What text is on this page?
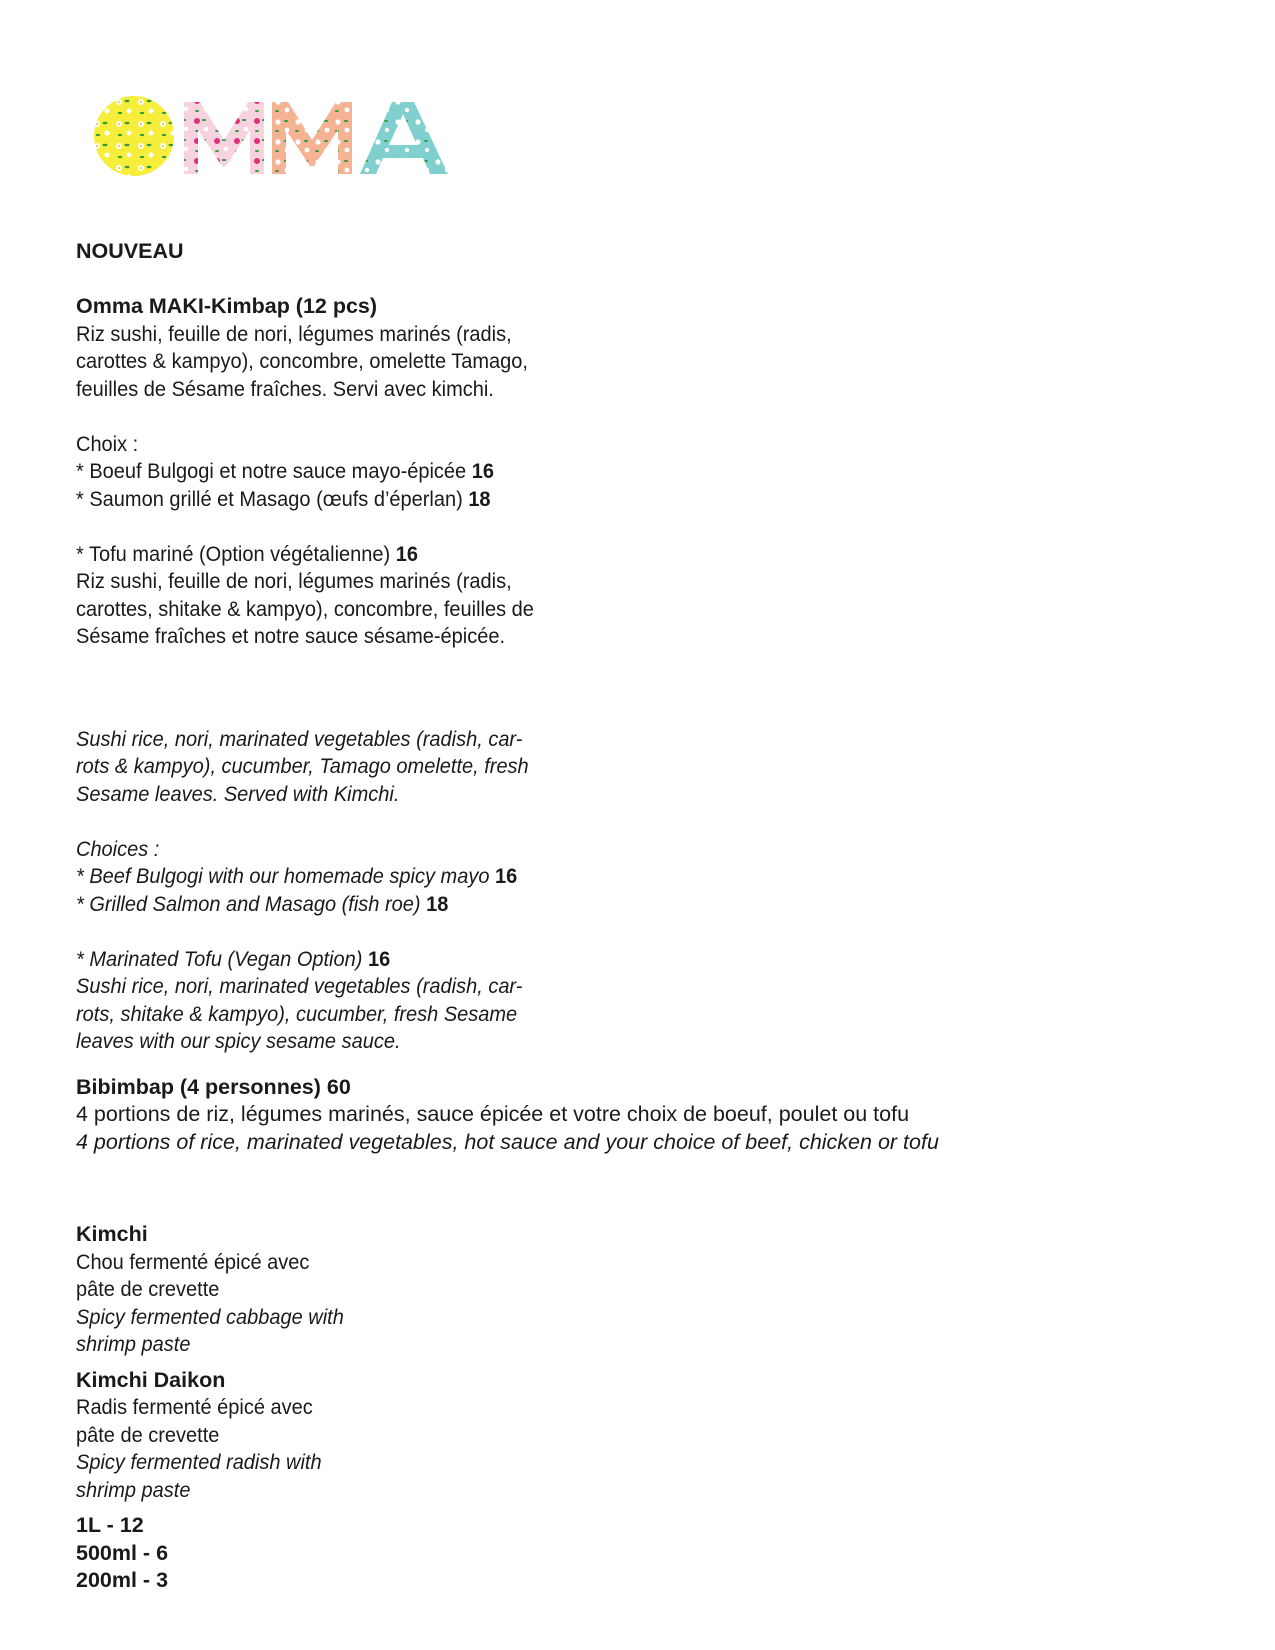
NOUVEAU

Omma MAKI-Kimbap (12 pcs)

Riz sushi, feuille de nori, légumes marinés (radis,
carottes & kampyo), concombre, omelette Tamago,
feuilles de Sésame fraîches. Servi avec kimchi.
Choix :
* Boeuf Bulgogi et notre sauce mayo-épicée 16
* Saumon grillé et Masago (œufs d’éperlan) 18
* Tofu mariné (Option végétalienne) 16
Riz sushi, feuille de nori, légumes marinés (radis,
carottes, shitake & kampyo), concombre, feuilles de
Sésame fraîches et notre sauce sésame-épicée.
Sushi rice, nori, marinated vegetables (radish, car-
rots & kampyo), cucumber, Tamago omelette, fresh
Sesame leaves. Served with Kimchi.
Choices :
* Beef Bulgogi with our homemade spicy mayo 16
* Grilled Salmon and Masago (fish roe) 18
* Marinated Tofu (Vegan Option) 16
Sushi rice, nori, marinated vegetables (radish, car-
rots, shitake & kampyo), cucumber, fresh Sesame
leaves with our spicy sesame sauce.

Bibimbap (4 personnes) 60

4 portions de riz, légumes marinés, sauce épicée et votre choix de boeuf, poulet ou tofu
4 portions of rice, marinated vegetables, hot sauce and your choice of beef, chicken or tofu

Kimchi

Chou fermenté épicé avec
pâte de crevette
Spicy fermented cabbage with
shrimp paste

Kimchi Daikon

Radis fermenté épicé avec
pâte de crevette
Spicy fermented radish with
shrimp paste

1L - 12

500ml - 6

200ml - 3
